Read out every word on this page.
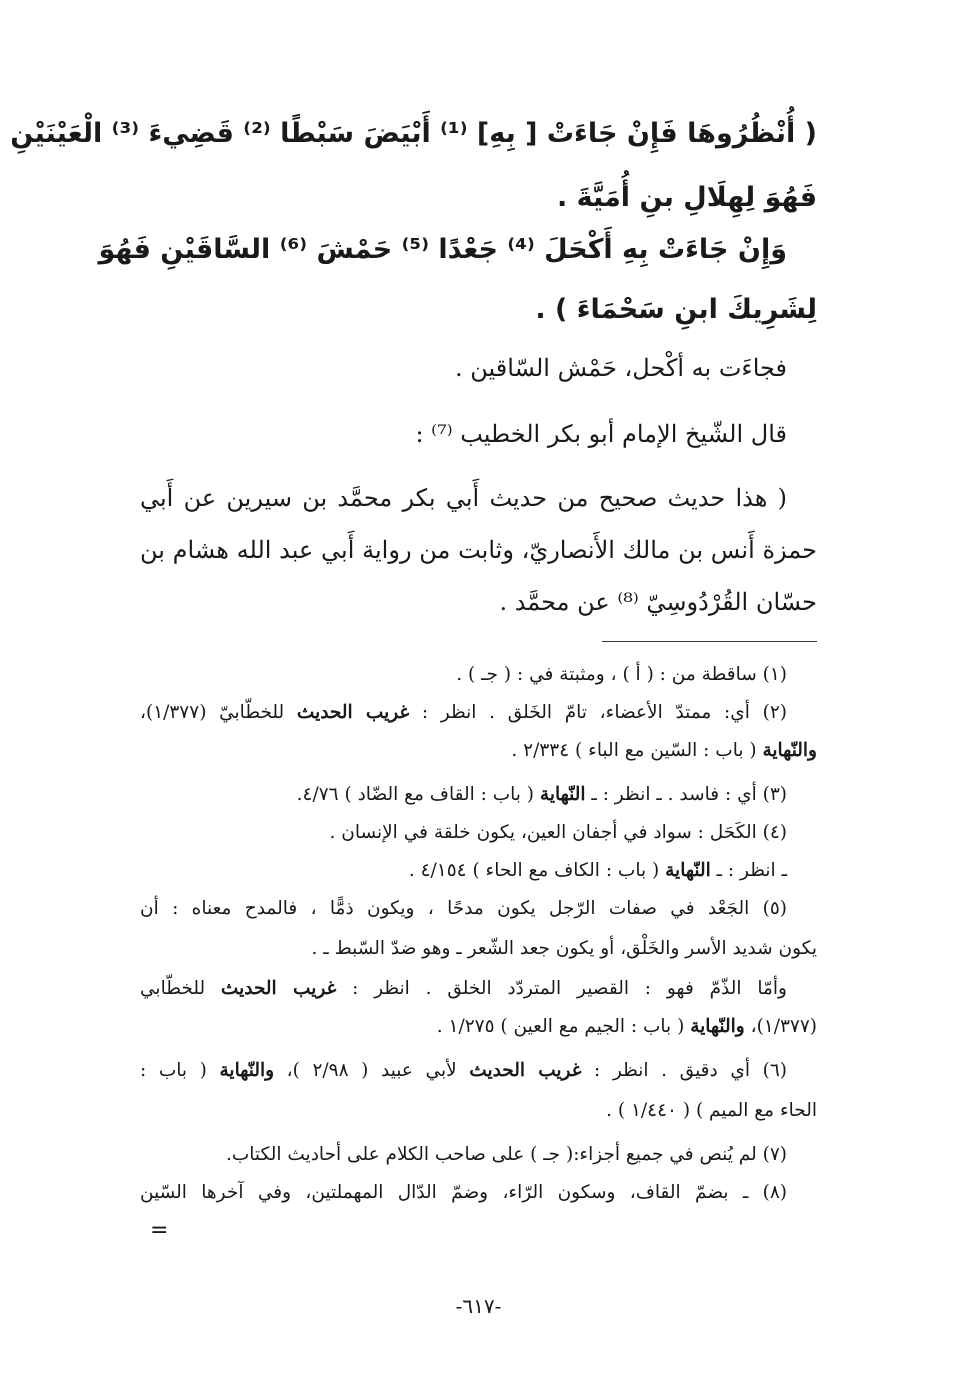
( أُنْظُرُوهَا فَإِنْ جَاءَتْ [ بِهِ] ⁽¹⁾ أَبْيَضَ سَبْطًا ⁽²⁾ قَضِيءَ ⁽³⁾ الْعَيْنَيْنِ
فَهُوَ لِهِلَالِ بنِ أُمَيَّةَ .
وَإِنْ جَاءَتْ بِهِ أَكْحَلَ ⁽⁴⁾ جَعْدًا ⁽⁵⁾ حَمْشَ ⁽⁶⁾ السَّاقَيْنِ فَهُوَ
لِشَرِيكَ ابنِ سَحْمَاءَ ) .
فجاءَت به أكْحل، حَمْش السّاقين .
قال الشّيخ الإمام أبو بكر الخطيب ⁽⁷⁾ :
( هذا حديث صحيح من حديث أَبي بكر محمَّد بن سيرين عن أَبي
حمزة أَنس بن مالك الأَنصاريّ، وثابت من رواية أَبي عبد الله هشام بن
حسّان القُرْدُوسِيّ ⁽⁸⁾ عن محمَّد .
(١) ساقطة من : ( أ ) ، ومثبتة في : ( جـ ) .
(٢) أي: ممتدّ الأعضاء، تامّ الخَلق . انظر : غريب الحديث للخطّابيّ (١/٣٧٧)،
والنّهاية ( باب : السّين مع الباء ) ٢/٣٣٤ .
(٣) أي : فاسد . ـ انظر : ـ النّهاية ( باب : القاف مع الضّاد ) ٤/٧٦.
(٤) الكَحَل : سواد في أجفان العين، يكون خلقة في الإنسان .
ـ انظر : ـ النّهاية ( باب : الكاف مع الحاء ) ٤/١٥٤ .
(٥) الجَعْد في صفات الرّجل يكون مدحًا ، ويكون ذمًّا ، فالمدح معناه : أن
يكون شديد الأسر والخَلْق، أو يكون جعد الشّعر ـ وهو ضدّ السّبط ـ .
وأمّا الذّمّ فهو : القصير المتردّد الخلق . انظر : غريب الحديث للخطّابي
(١/٣٧٧)، والنّهاية ( باب : الجيم مع العين ) ١/٢٧٥ .
(٦) أي دقيق . انظر : غريب الحديث لأبي عبيد ( ٢/٩٨ )، والنّهاية ( باب :
الحاء مع الميم ) ( ١/٤٤٠ ) .
(٧) لم يُنص في جميع أجزاء:( جـ ) على صاحب الكلام على أحاديث الكتاب.
(٨) ـ بضمّ القاف، وسكون الرّاء، وضمّ الدّال المهملتين، وفي آخرها السّين
=
-٦١٧-
